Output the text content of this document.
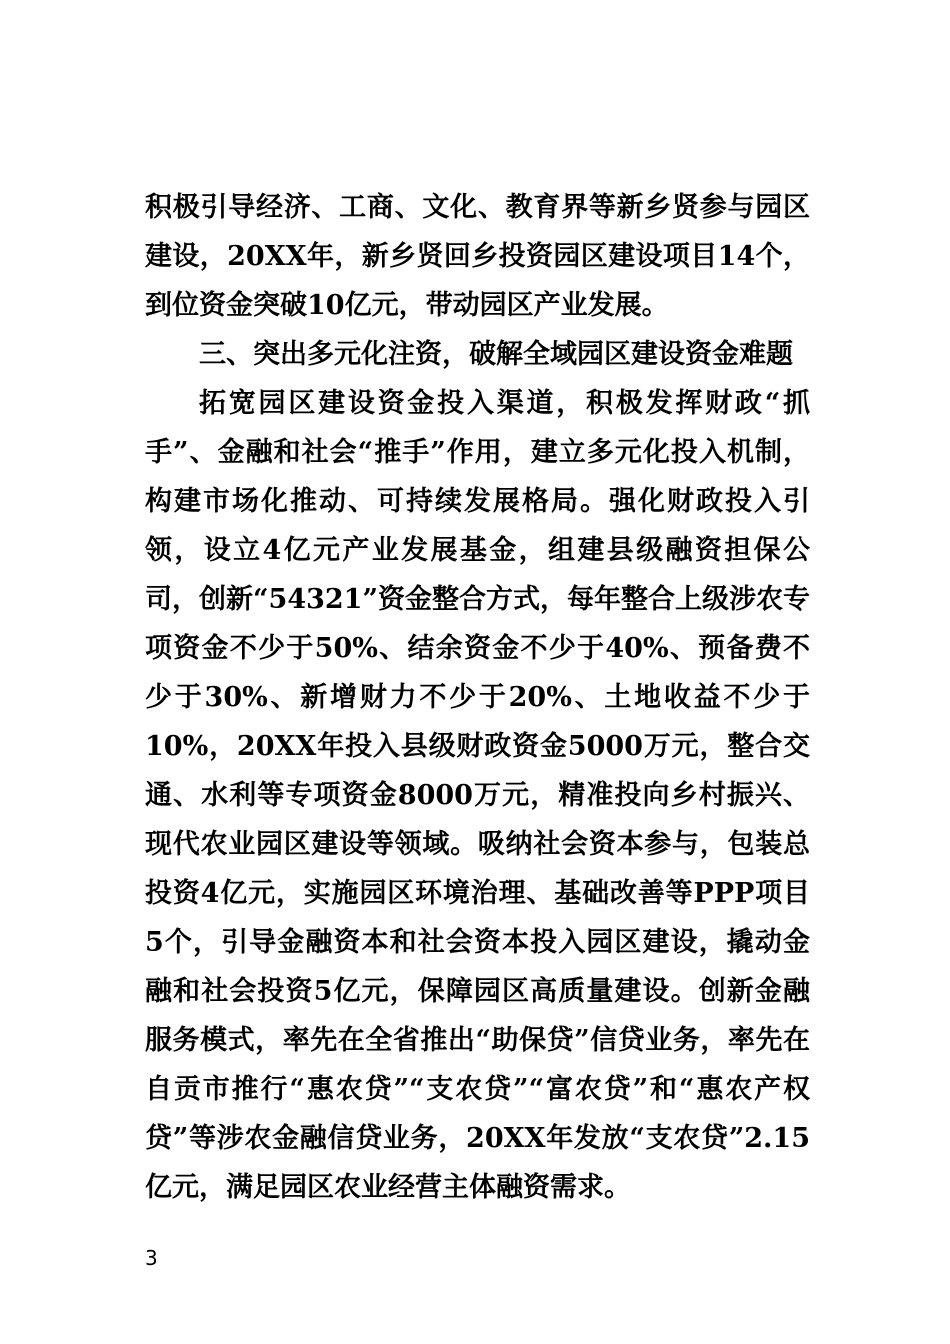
积极引导经济、工商、文化、教育界等新乡贤参与园区建设，20XX年，新乡贤回乡投资园区建设项目14个，到位资金突破10亿元，带动园区产业发展。

三、突出多元化注资，破解全域园区建设资金难题

拓宽园区建设资金投入渠道，积极发挥财政“抓手”、金融和社会“推手”作用，建立多元化投入机制，构建市场化推动、可持续发展格局。强化财政投入引领，设立4亿元产业发展基金，组建县级融资担保公司，创新“54321”资金整合方式，每年整合上级涉农专项资金不少于50%、结余资金不少于40%、预备费不少于30%、新增财力不少于20%、土地收益不少于10%，20XX年投入县级财政资金5000万元，整合交通、水利等专项资金8000万元，精准投向乡村振兴、现代农业园区建设等领域。吸纳社会资本参与，包装总投资4亿元，实施园区环境治理、基础改善等PPP项目5个，引导金融资本和社会资本投入园区建设，撬动金融和社会投资5亿元，保障园区高质量建设。创新金融服务模式，率先在全省推出“助保贷”信贷业务，率先在自贡市推行“惠农贷”“支农贷”“富农贷”和“惠农产权贷”等涉农金融信贷业务，20XX年发放“支农贷”2.15亿元，满足园区农业经营主体融资需求。

3
